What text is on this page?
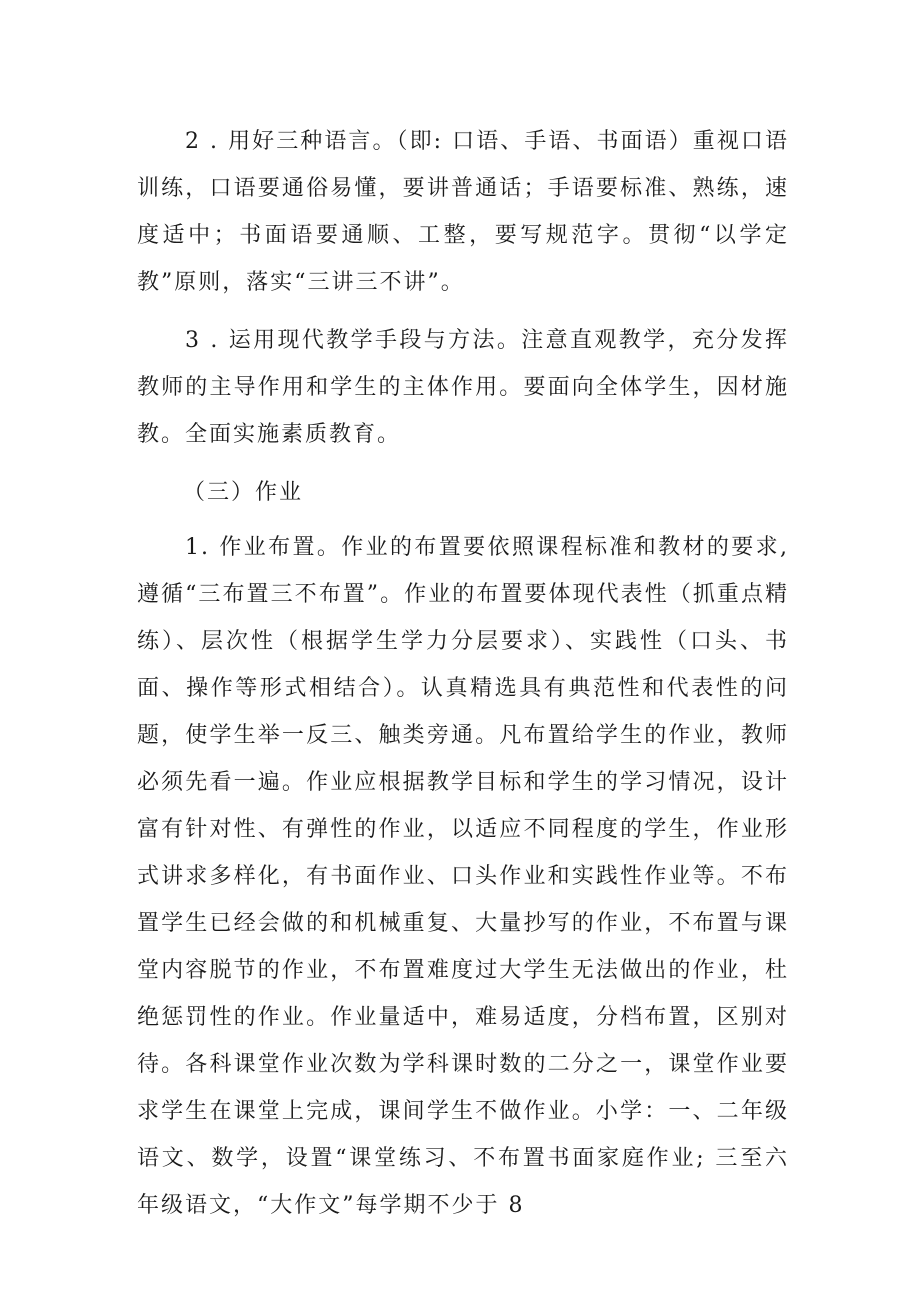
2 . 用好三种语言。（即: 口语、手语、书面语）重视口语训练，口语要通俗易懂，要讲普通话；手语要标准、熟练，速度适中；书面语要通顺、工整，要写规范字。贯彻“以学定教”原则，落实“三讲三不讲”。

3 . 运用现代教学手段与方法。注意直观教学，充分发挥教师的主导作用和学生的主体作用。要面向全体学生，因材施教。全面实施素质教育。

（三）作业

1. 作业布置。作业的布置要依照课程标准和教材的要求,遵循“三布置三不布置”。作业的布置要体现代表性（抓重点精练）、层次性（根据学生学力分层要求）、实践性（口头、书面、操作等形式相结合）。认真精选具有典范性和代表性的问题，使学生举一反三、触类旁通。凡布置给学生的作业，教师必须先看一遍。作业应根据教学目标和学生的学习情况，设计富有针对性、有弹性的作业，以适应不同程度的学生，作业形式讲求多样化，有书面作业、口头作业和实践性作业等。不布置学生已经会做的和机械重复、大量抄写的作业，不布置与课堂内容脱节的作业，不布置难度过大学生无法做出的作业，杜绝惩罚性的作业。作业量适中，难易适度，分档布置，区别对待。各科课堂作业次数为学科课时数的二分之一，课堂作业要求学生在课堂上完成，课间学生不做作业。小学：一、二年级语文、数学，设置“课堂练习、不布置书面家庭作业; 三至六年级语文，“大作文”每学期不少于 8
